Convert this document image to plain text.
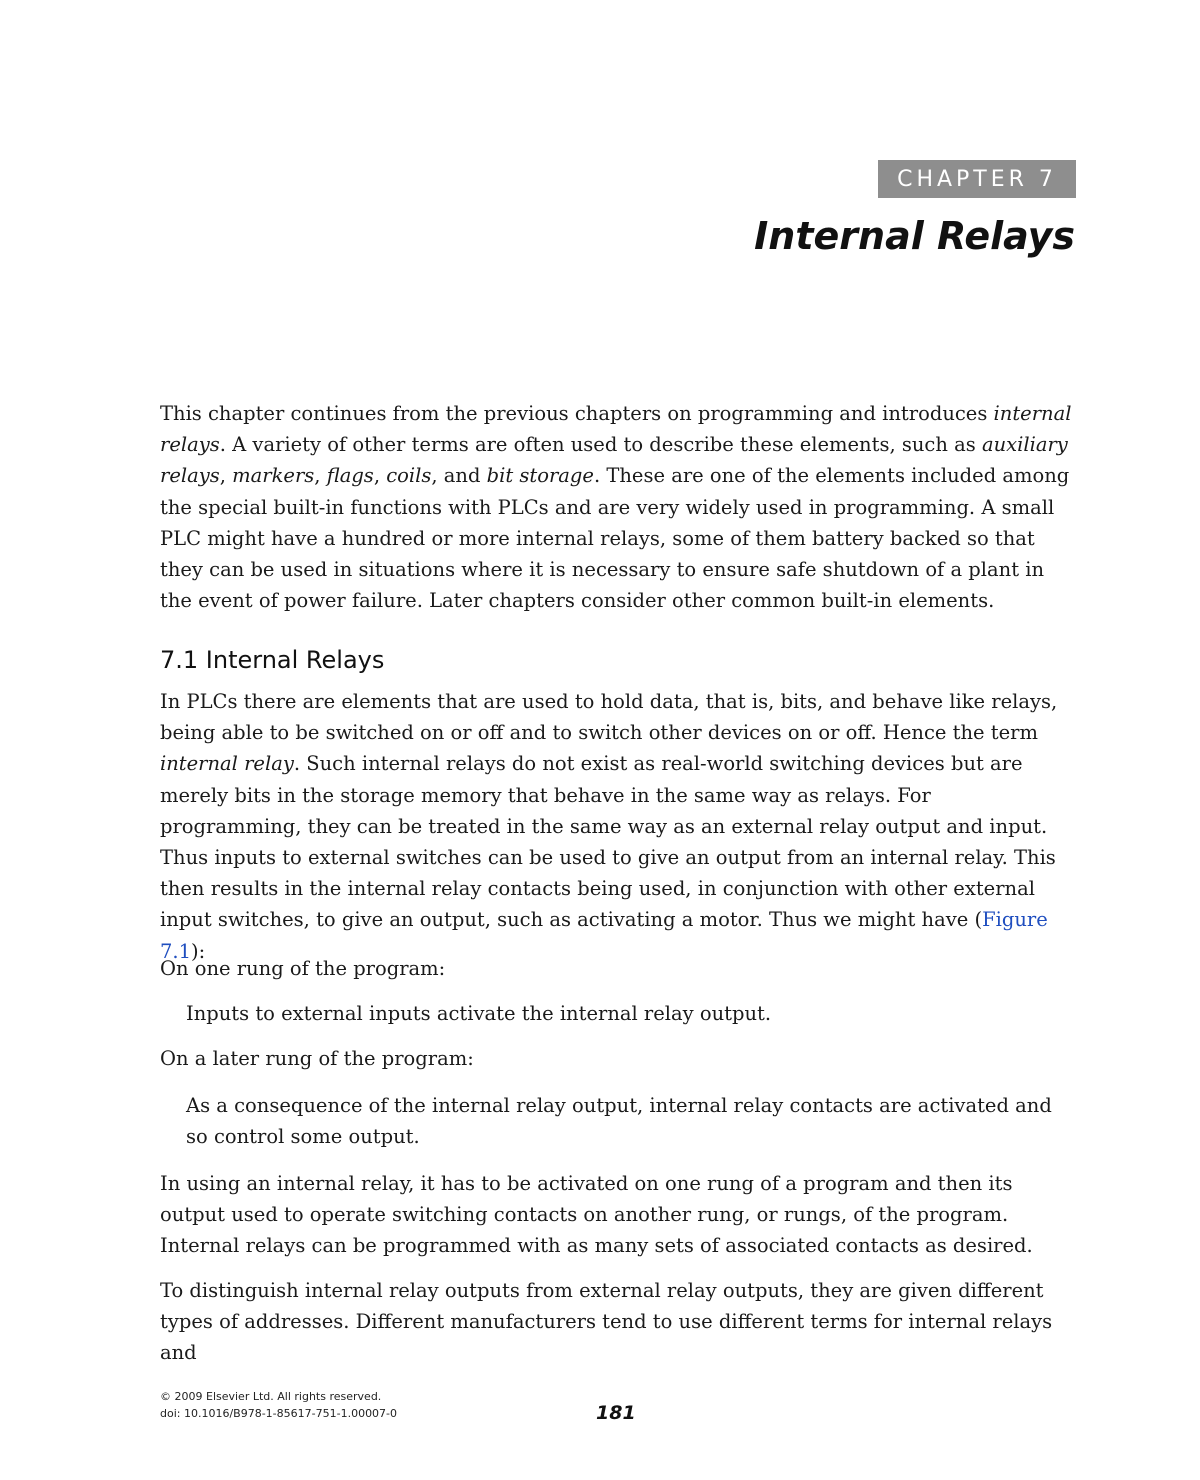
CHAPTER 7
Internal Relays

This chapter continues from the previous chapters on programming and introduces internal relays. A variety of other terms are often used to describe these elements, such as auxiliary relays, markers, flags, coils, and bit storage. These are one of the elements included among the special built-in functions with PLCs and are very widely used in programming. A small PLC might have a hundred or more internal relays, some of them battery backed so that they can be used in situations where it is necessary to ensure safe shutdown of a plant in the event of power failure. Later chapters consider other common built-in elements.

7.1 Internal Relays

In PLCs there are elements that are used to hold data, that is, bits, and behave like relays, being able to be switched on or off and to switch other devices on or off. Hence the term internal relay. Such internal relays do not exist as real-world switching devices but are merely bits in the storage memory that behave in the same way as relays. For programming, they can be treated in the same way as an external relay output and input. Thus inputs to external switches can be used to give an output from an internal relay. This then results in the internal relay contacts being used, in conjunction with other external input switches, to give an output, such as activating a motor. Thus we might have (Figure 7.1):

On one rung of the program:
Inputs to external inputs activate the internal relay output.
On a later rung of the program:
As a consequence of the internal relay output, internal relay contacts are activated and so control some output.
In using an internal relay, it has to be activated on one rung of a program and then its output used to operate switching contacts on another rung, or rungs, of the program. Internal relays can be programmed with as many sets of associated contacts as desired.
To distinguish internal relay outputs from external relay outputs, they are given different types of addresses. Different manufacturers tend to use different terms for internal relays and
© 2009 Elsevier Ltd. All rights reserved.
doi: 10.1016/B978-1-85617-751-1.00007-0	181
